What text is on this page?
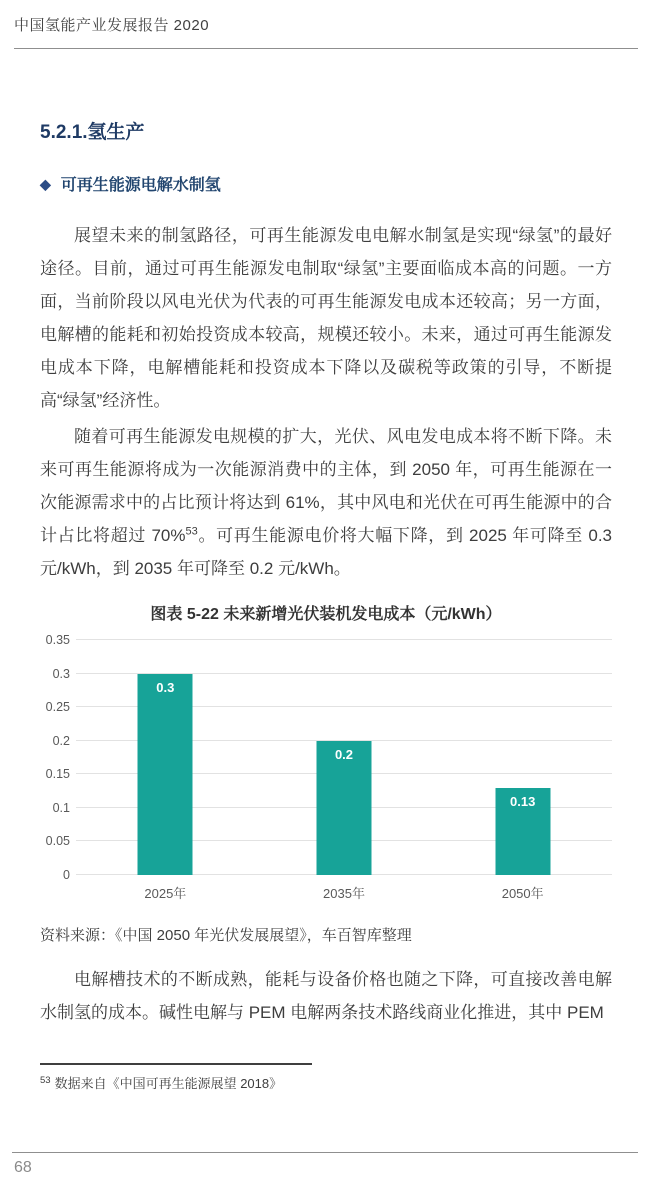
中国氢能产业发展报告 2020
5.2.1.氢生产
◆ 可再生能源电解水制氢

展望未来的制氢路径，可再生能源发电电解水制氢是实现“绿氢”的最好途径。目前，通过可再生能源发电制取“绿氢”主要面临成本高的问题。一方面，当前阶段以风电光伏为代表的可再生能源发电成本还较高；另一方面，电解槽的能耗和初始投资成本较高，规模还较小。未来，通过可再生能源发电成本下降，电解槽能耗和投资成本下降以及碳税等政策的引导，不断提高“绿氢”经济性。

随着可再生能源发电规模的扩大，光伏、风电发电成本将不断下降。未来可再生能源将成为一次能源消费中的主体，到 2050 年，可再生能源在一次能源需求中的占比预计将达到 61%，其中风电和光伏在可再生能源中的合计占比将超过 70%$^{53}$。可再生能源电价将大幅下降，到 2025 年可降至 0.3 元/kWh，到 2035 年可降至 0.2 元/kWh。

图表 5-22 未来新增光伏装机发电成本（元/kWh）
0
0.05
0.1
0.15
0.2
0.25
0.3
0.35
0.3
0.2
0.13
2025年	2035年	2050年
资料来源：《中国 2050 年光伏发展展望》，车百智库整理

电解槽技术的不断成熟，能耗与设备价格也随之下降，可直接改善电解水制氢的成本。碱性电解与 PEM 电解两条技术路线商业化推进，其中 PEM

$^{53}$ 数据来自《中国可再生能源展望 2018》
68
